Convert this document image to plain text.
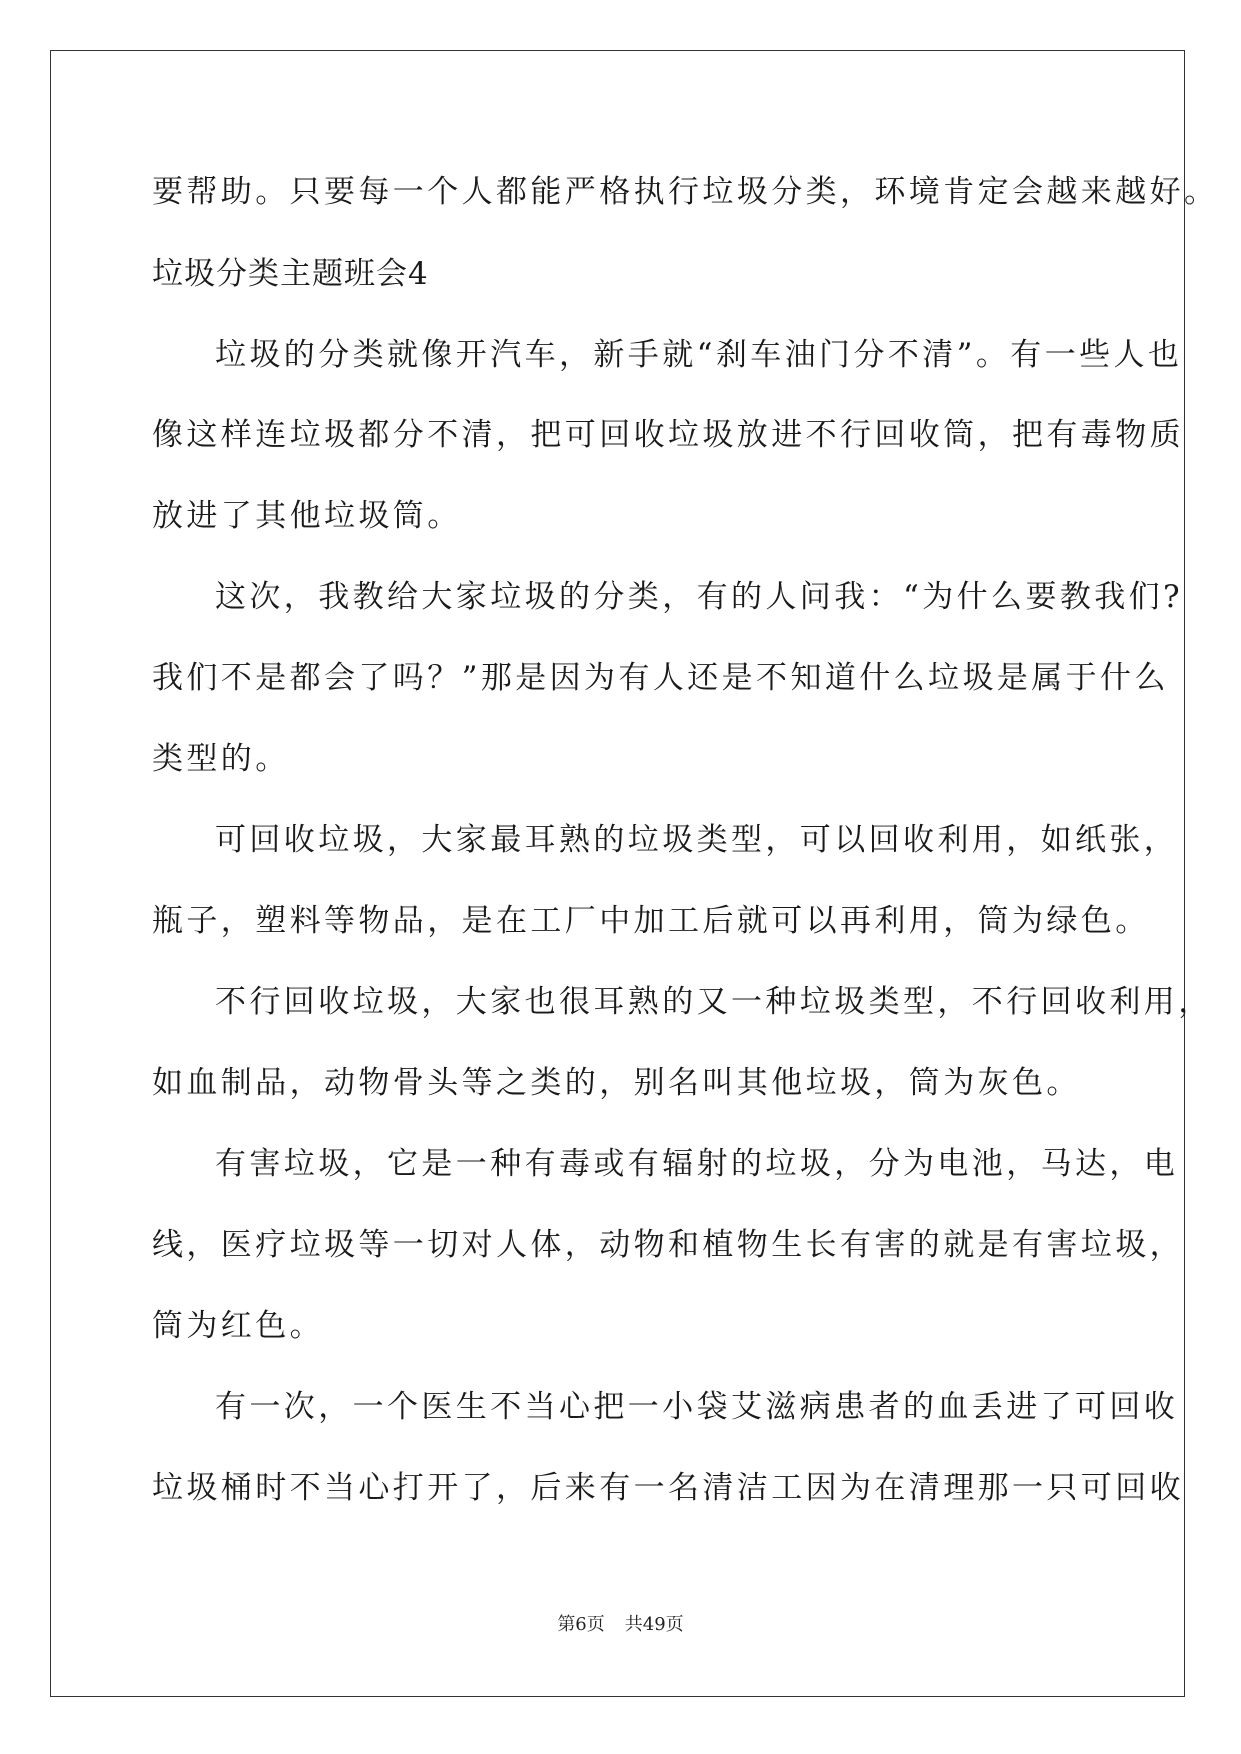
要帮助。只要每一个人都能严格执行垃圾分类，环境肯定会越来越好。
垃圾分类主题班会4
垃圾的分类就像开汽车，新手就“刹车油门分不清”。有一些人也
像这样连垃圾都分不清，把可回收垃圾放进不行回收筒，把有毒物质
放进了其他垃圾筒。
这次，我教给大家垃圾的分类，有的人问我：“为什么要教我们?
我们不是都会了吗？”那是因为有人还是不知道什么垃圾是属于什么
类型的。
可回收垃圾，大家最耳熟的垃圾类型，可以回收利用，如纸张，
瓶子，塑料等物品，是在工厂中加工后就可以再利用，筒为绿色。
不行回收垃圾，大家也很耳熟的又一种垃圾类型，不行回收利用，
如血制品，动物骨头等之类的，别名叫其他垃圾，筒为灰色。
有害垃圾，它是一种有毒或有辐射的垃圾，分为电池，马达，电
线，医疗垃圾等一切对人体，动物和植物生长有害的就是有害垃圾，
筒为红色。
有一次，一个医生不当心把一小袋艾滋病患者的血丢进了可回收
垃圾桶时不当心打开了，后来有一名清洁工因为在清理那一只可回收
第6页 共49页
